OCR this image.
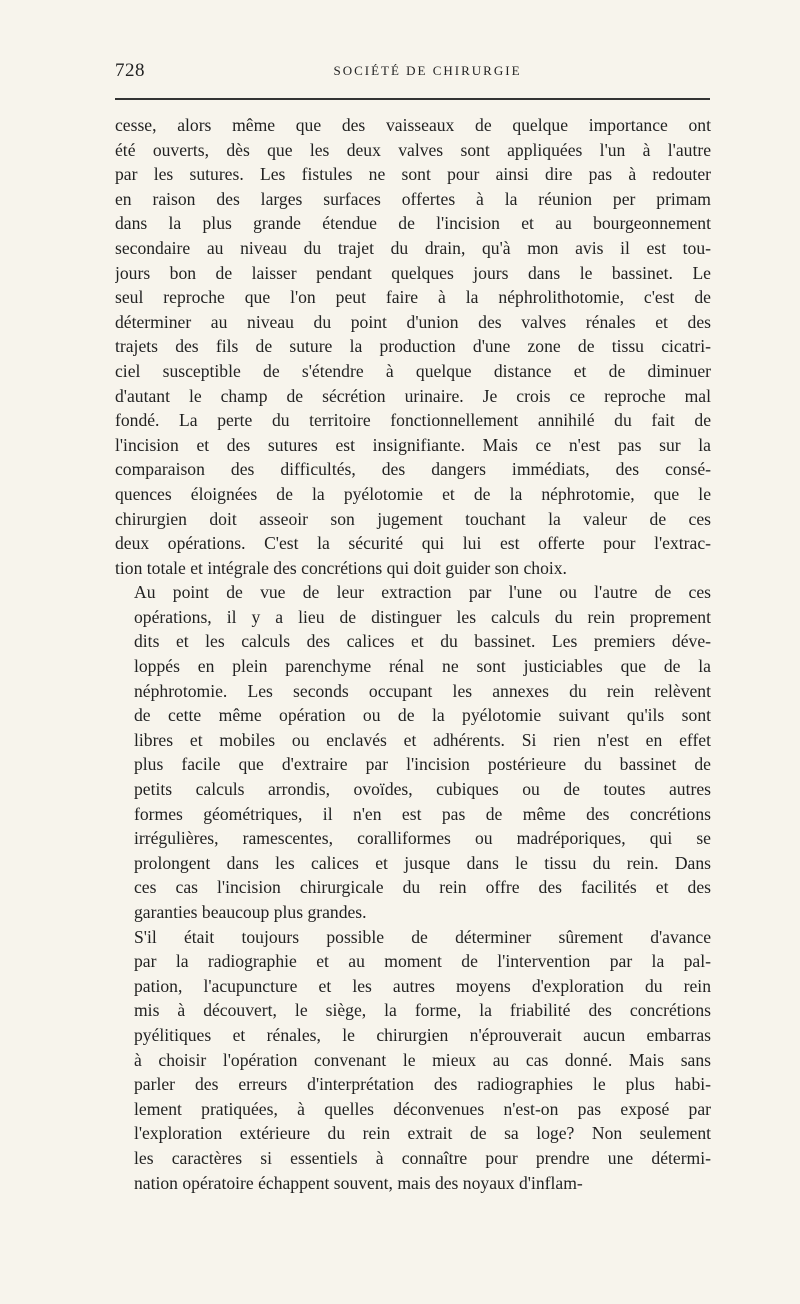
728	SOCIÉTÉ DE CHIRURGIE
cesse, alors même que des vaisseaux de quelque importance ont
été ouverts, dès que les deux valves sont appliquées l'un à l'autre
par les sutures. Les fistules ne sont pour ainsi dire pas à redouter
en raison des larges surfaces offertes à la réunion per primam
dans la plus grande étendue de l'incision et au bourgeonnement
secondaire au niveau du trajet du drain, qu'à mon avis il est tou-
jours bon de laisser pendant quelques jours dans le bassinet. Le
seul reproche que l'on peut faire à la néphrolithotomie, c'est de
déterminer au niveau du point d'union des valves rénales et des
trajets des fils de suture la production d'une zone de tissu cicatri-
ciel susceptible de s'étendre à quelque distance et de diminuer
d'autant le champ de sécrétion urinaire. Je crois ce reproche mal
fondé. La perte du territoire fonctionnellement annihilé du fait de
l'incision et des sutures est insignifiante. Mais ce n'est pas sur la
comparaison des difficultés, des dangers immédiats, des consé-
quences éloignées de la pyélotomie et de la néphrotomie, que le
chirurgien doit asseoir son jugement touchant la valeur de ces
deux opérations. C'est la sécurité qui lui est offerte pour l'extrac-
tion totale et intégrale des concrétions qui doit guider son choix.
Au point de vue de leur extraction par l'une ou l'autre de ces
opérations, il y a lieu de distinguer les calculs du rein proprement
dits et les calculs des calices et du bassinet. Les premiers déve-
loppés en plein parenchyme rénal ne sont justiciables que de la
néphrotomie. Les seconds occupant les annexes du rein relèvent
de cette même opération ou de la pyélotomie suivant qu'ils sont
libres et mobiles ou enclavés et adhérents. Si rien n'est en effet
plus facile que d'extraire par l'incision postérieure du bassinet de
petits calculs arrondis, ovoïdes, cubiques ou de toutes autres
formes géométriques, il n'en est pas de même des concrétions
irrégulières, ramescentes, coralliformes ou madréporiques, qui se
prolongent dans les calices et jusque dans le tissu du rein. Dans
ces cas l'incision chirurgicale du rein offre des facilités et des
garanties beaucoup plus grandes.
S'il était toujours possible de déterminer sûrement d'avance
par la radiographie et au moment de l'intervention par la pal-
pation, l'acupuncture et les autres moyens d'exploration du rein
mis à découvert, le siège, la forme, la friabilité des concrétions
pyélitiques et rénales, le chirurgien n'éprouverait aucun embarras
à choisir l'opération convenant le mieux au cas donné. Mais sans
parler des erreurs d'interprétation des radiographies le plus habi-
lement pratiquées, à quelles déconvenues n'est-on pas exposé par
l'exploration extérieure du rein extrait de sa loge? Non seulement
les caractères si essentiels à connaître pour prendre une détermi-
nation opératoire échappent souvent, mais des noyaux d'inflam-
